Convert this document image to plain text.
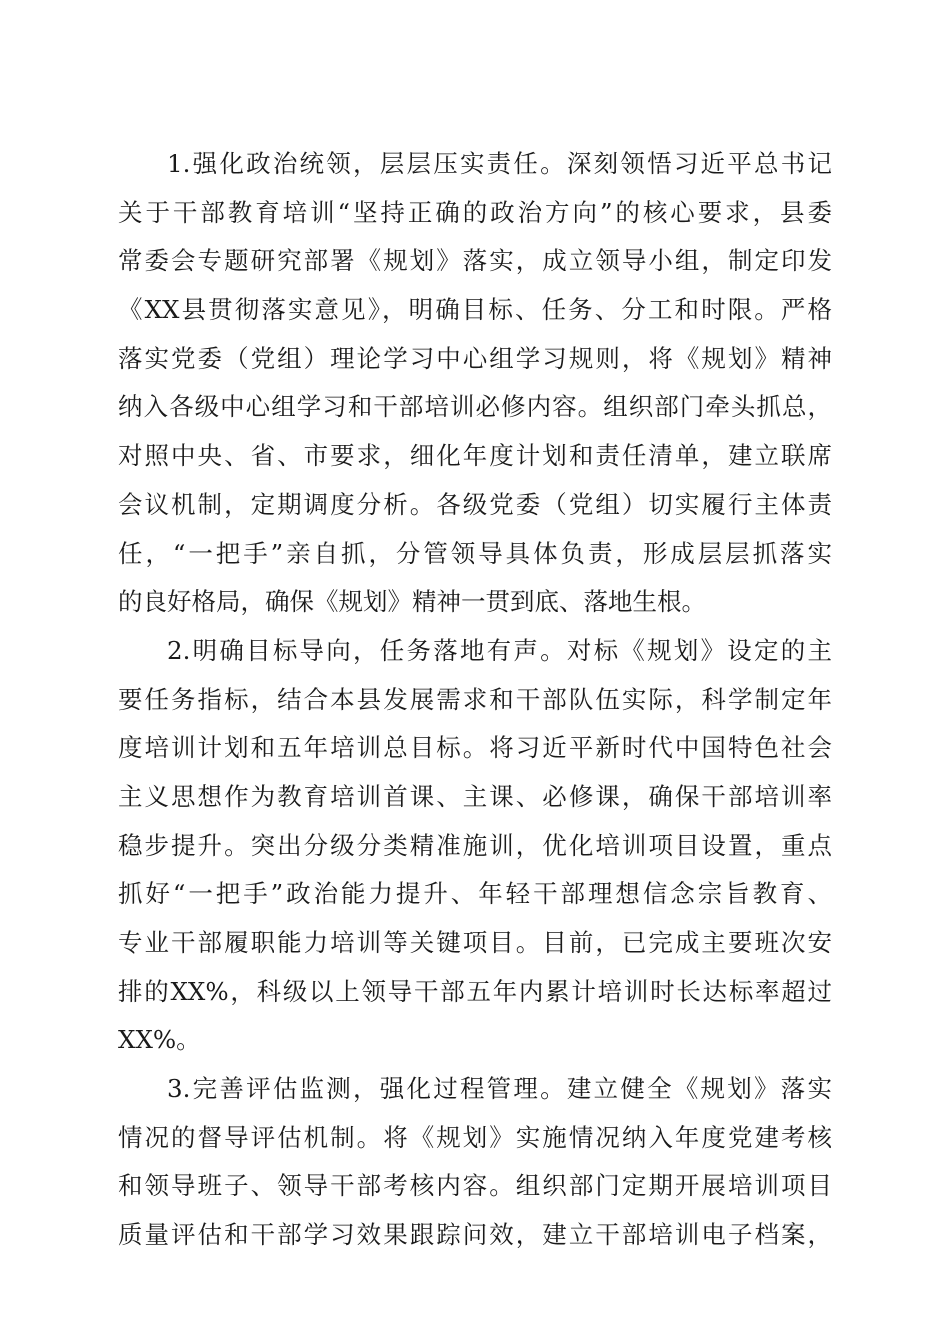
1.强化政治统领，层层压实责任。深刻领悟习近平总书记
关于干部教育培训“坚持正确的政治方向”的核心要求，县委
常委会专题研究部署《规划》落实，成立领导小组，制定印发
《XX县贯彻落实意见》，明确目标、任务、分工和时限。严格
落实党委（党组）理论学习中心组学习规则，将《规划》精神
纳入各级中心组学习和干部培训必修内容。组织部门牵头抓总，
对照中央、省、市要求，细化年度计划和责任清单，建立联席
会议机制，定期调度分析。各级党委（党组）切实履行主体责
任，“一把手”亲自抓，分管领导具体负责，形成层层抓落实
的良好格局，确保《规划》精神一贯到底、落地生根。
2.明确目标导向，任务落地有声。对标《规划》设定的主
要任务指标，结合本县发展需求和干部队伍实际，科学制定年
度培训计划和五年培训总目标。将习近平新时代中国特色社会
主义思想作为教育培训首课、主课、必修课，确保干部培训率
稳步提升。突出分级分类精准施训，优化培训项目设置，重点
抓好“一把手”政治能力提升、年轻干部理想信念宗旨教育、
专业干部履职能力培训等关键项目。目前，已完成主要班次安
排的XX%，科级以上领导干部五年内累计培训时长达标率超过
XX%。
3.完善评估监测，强化过程管理。建立健全《规划》落实
情况的督导评估机制。将《规划》实施情况纳入年度党建考核
和领导班子、领导干部考核内容。组织部门定期开展培训项目
质量评估和干部学习效果跟踪问效，建立干部培训电子档案，
